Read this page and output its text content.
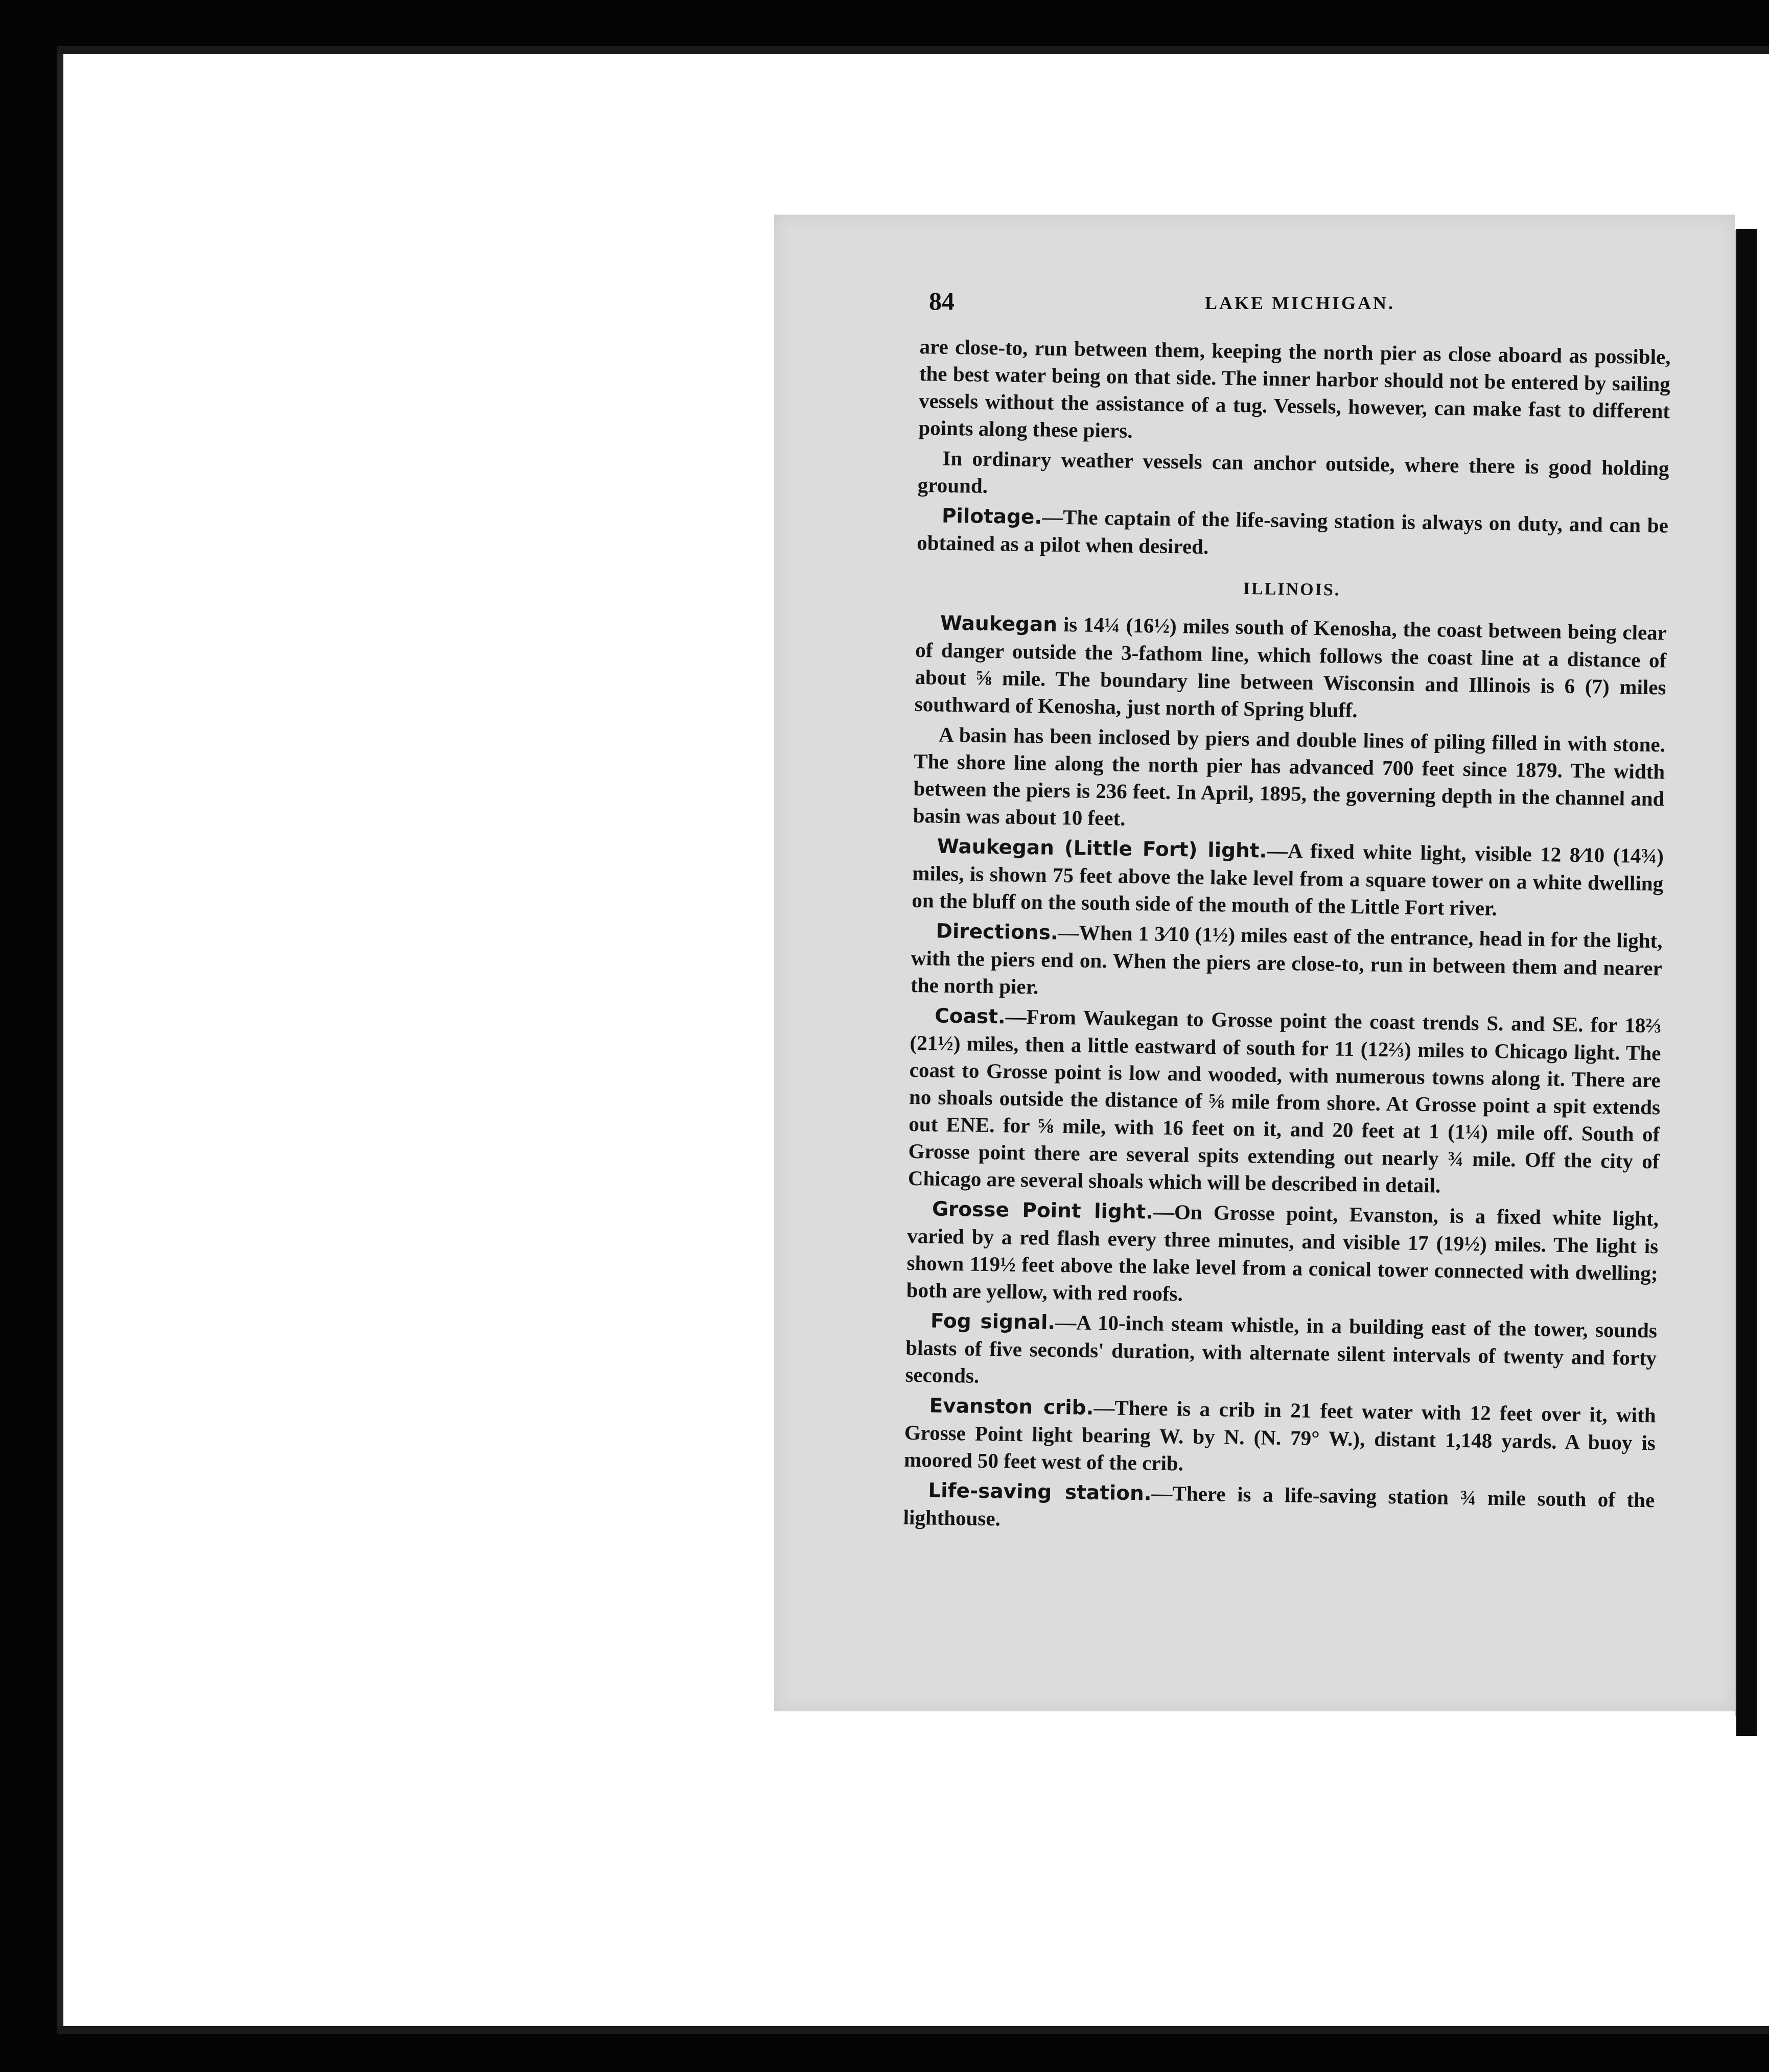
84	LAKE MICHIGAN.

are close-to, run between them, keeping the north pier as close aboard as possible, the best water being on that side. The inner harbor should not be entered by sailing vessels without the assistance of a tug. Vessels, however, can make fast to different points along these piers.

In ordinary weather vessels can anchor outside, where there is good holding ground.

Pilotage.—The captain of the life-saving station is always on duty, and can be obtained as a pilot when desired.

ILLINOIS.

Waukegan is 14¼ (16½) miles south of Kenosha, the coast between being clear of danger outside the 3-fathom line, which follows the coast line at a distance of about ⅝ mile. The boundary line between Wisconsin and Illinois is 6 (7) miles southward of Kenosha, just north of Spring bluff.

A basin has been inclosed by piers and double lines of piling filled in with stone. The shore line along the north pier has advanced 700 feet since 1879. The width between the piers is 236 feet. In April, 1895, the governing depth in the channel and basin was about 10 feet.

Waukegan (Little Fort) light.—A fixed white light, visible 12 8⁄10 (14¾) miles, is shown 75 feet above the lake level from a square tower on a white dwelling on the bluff on the south side of the mouth of the Little Fort river.

Directions.—When 1 3⁄10 (1½) miles east of the entrance, head in for the light, with the piers end on. When the piers are close-to, run in between them and nearer the north pier.

Coast.—From Waukegan to Grosse point the coast trends S. and SE. for 18⅔ (21½) miles, then a little eastward of south for 11 (12⅔) miles to Chicago light. The coast to Grosse point is low and wooded, with numerous towns along it. There are no shoals outside the distance of ⅝ mile from shore. At Grosse point a spit extends out ENE. for ⅝ mile, with 16 feet on it, and 20 feet at 1 (1¼) mile off. South of Grosse point there are several spits extending out nearly ¾ mile. Off the city of Chicago are several shoals which will be described in detail.

Grosse Point light.—On Grosse point, Evanston, is a fixed white light, varied by a red flash every three minutes, and visible 17 (19½) miles. The light is shown 119½ feet above the lake level from a conical tower connected with dwelling; both are yellow, with red roofs.

Fog signal.—A 10-inch steam whistle, in a building east of the tower, sounds blasts of five seconds' duration, with alternate silent intervals of twenty and forty seconds.

Evanston crib.—There is a crib in 21 feet water with 12 feet over it, with Grosse Point light bearing W. by N. (N. 79° W.), distant 1,148 yards. A buoy is moored 50 feet west of the crib.

Life-saving station.—There is a life-saving station ¾ mile south of the lighthouse.
